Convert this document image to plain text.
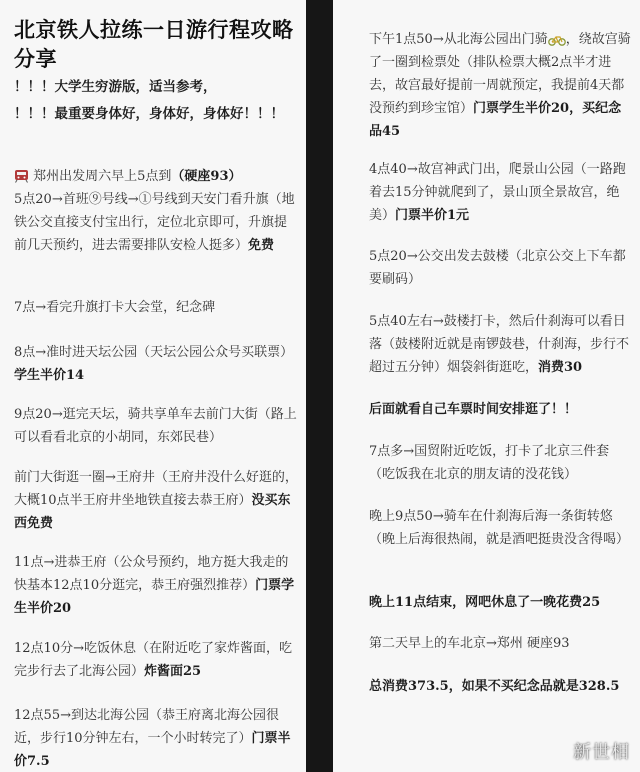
北京铁人拉练一日游行程攻略分享
！！！大学生穷游版，适当参考，
！！！最重要身体好，身体好，身体好！！！
郑州出发周六早上5点到（硬座93）
5点20→首班⑨号线→①号线到天安门看升旗（地铁公交直接支付宝出行，定位北京即可，升旗提前几天预约，进去需要排队安检人挺多）免费
7点→看完升旗打卡大会堂，纪念碑
8点→准时进天坛公园（天坛公园公众号买联票）学生半价14
9点20→逛完天坛，骑共享单车去前门大街（路上可以看看北京的小胡同，东郊民巷）
前门大街逛一圈→王府井（王府井没什么好逛的，大概10点半王府井坐地铁直接去恭王府）没买东西免费
11点→进恭王府（公众号预约，地方挺大我走的快基本12点10分逛完，恭王府强烈推荐）门票学生半价20
12点10分→吃饭休息（在附近吃了家炸酱面，吃完步行去了北海公园）炸酱面25
12点55→到达北海公园（恭王府离北海公园很近，步行10分钟左右，一个小时转完了）门票半价7.5
下午1点50→从北海公园出门骑 ，绕故宫骑了一圈到检票处（排队检票大概2点半才进去，故宫最好提前一周就预定，我提前4天都没预约到珍宝馆）门票学生半价20，买纪念品45
4点40→故宫神武门出，爬景山公园（一路跑着去15分钟就爬到了，景山顶全景故宫，绝美）门票半价1元
5点20→公交出发去鼓楼（北京公交上下车都要刷码）
5点40左右→鼓楼打卡，然后什刹海可以看日落（鼓楼附近就是南锣鼓巷，什刹海，步行不超过五分钟）烟袋斜街逛吃，消费30
后面就看自己车票时间安排逛了！！
7点多→国贸附近吃饭，打卡了北京三件套（吃饭我在北京的朋友请的没花钱）
晚上9点50→骑车在什刹海后海一条街转悠（晚上后海很热闹，就是酒吧挺贵没含得喝）
晚上11点结束，网吧休息了一晚花费25
第二天早上的车北京→郑州 硬座93
总消费373.5，如果不买纪念品就是328.5
新世相
